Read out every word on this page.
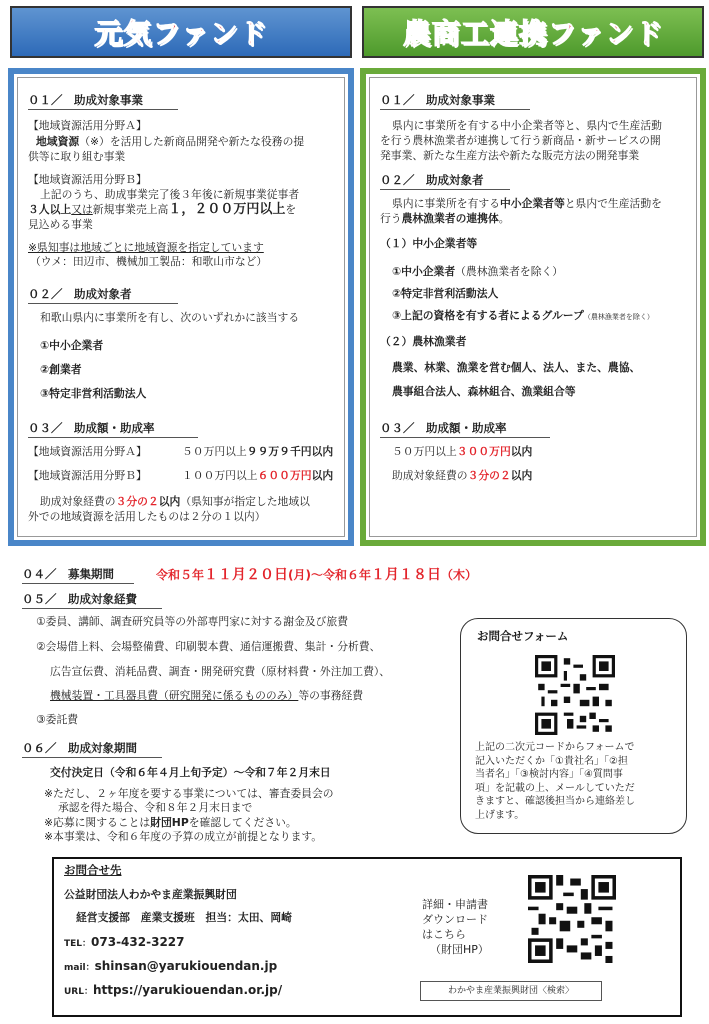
元気ファンド	農商工連携ファンド
０１／　助成対象事業
【地域資源活用分野Ａ】
地域資源（※）を活用した新商品開発や新たな役務の提
供等に取り組む事業
【地域資源活用分野Ｂ】
上記のうち、助成事業完了後３年後に新規事業従事者
３人以上又は新規事業売上高１，２００万円以上を
見込める事業
※県知事は地域ごとに地域資源を指定しています
（ウメ：田辺市、機械加工製品：和歌山市など）
０２／　助成対象者
和歌山県内に事業所を有し、次のいずれかに該当する
①中小企業者
②創業者
③特定非営利活動法人
０３／　助成額・助成率
【地域資源活用分野Ａ】	５０万円以上９９万９千円以内
【地域資源活用分野Ｂ】	１００万円以上６００万円以内
助成対象経費の３分の２以内（県知事が指定した地域以
外での地域資源を活用したものは２分の１以内）
０１／　助成対象事業
県内に事業所を有する中小企業者等と、県内で生産活動
を行う農林漁業者が連携して行う新商品・新サービスの開
発事業、新たな生産方法や新たな販売方法の開発事業
０２／　助成対象者
県内に事業所を有する中小企業者等と県内で生産活動を
行う農林漁業者の連携体。
（１）中小企業者等
①中小企業者（農林漁業者を除く）
②特定非営利活動法人
③上記の資格を有する者によるグループ（農林漁業者を除く）
（２）農林漁業者
農業、林業、漁業を営む個人、法人、また、農協、
農事組合法人、森林組合、漁業組合等
０３／　助成額・助成率
５０万円以上３００万円以内
助成対象経費の３分の２以内
０４／　募集期間	令和５年１１月２０日(月)～令和６年１月１８日（木）
０５／　助成対象経費
①委員、講師、調査研究員等の外部専門家に対する謝金及び旅費
②会場借上料、会場整備費、印刷製本費、通信運搬費、集計・分析費、
広告宣伝費、消耗品費、調査・開発研究費（原材料費・外注加工費）、
機械装置・工具器具費（研究開発に係るもののみ）等の事務経費
③委託費
０６／　助成対象期間
交付決定日（令和６年４月上旬予定）～令和７年２月末日
※ただし、２ヶ年度を要する事業については、審査委員会の
承認を得た場合、令和８年２月末日まで
※応募に関することは財団HPを確認してください。
※本事業は、令和６年度の予算の成立が前提となります。
お問合せフォーム
上記の二次元コードからフォームで
記入いただくか「①貴社名」「②担
当者名」「③検討内容」「④質問事
項」を記載の上、メールしていただ
きますと、確認後担当から連絡差し
上げます。
お問合せ先
公益財団法人わかやま産業振興財団
経営支援部　産業支援班　担当：太田、岡崎
TEL：073-432-3227
mail：shinsan@yarukiouendan.jp
URL：https://yarukiouendan.or.jp/
詳細・申請書
ダウンロード
はこちら
（財団HP）
わかやま産業振興財団〈検索〉
